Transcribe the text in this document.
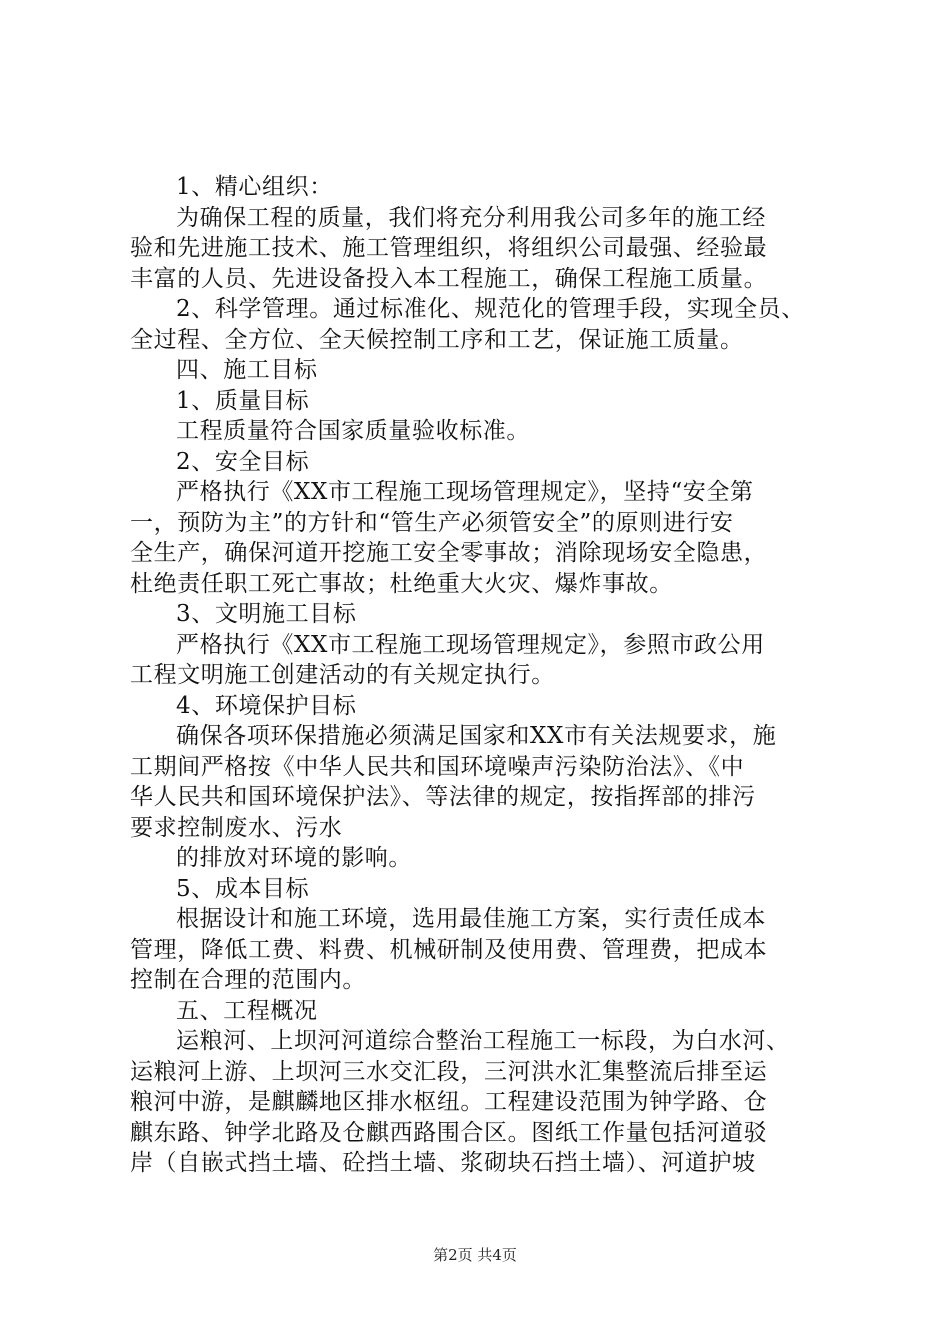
1、精心组织：

为确保工程的质量，我们将充分利用我公司多年的施工经

验和先进施工技术、施工管理组织，将组织公司最强、经验最

丰富的人员、先进设备投入本工程施工，确保工程施工质量。

2、科学管理。通过标准化、规范化的管理手段，实现全员、

全过程、全方位、全天候控制工序和工艺，保证施工质量。

四、施工目标

1、质量目标

工程质量符合国家质量验收标准。

2、安全目标

严格执行《XX市工程施工现场管理规定》，坚持“安全第

一，预防为主”的方针和“管生产必须管安全”的原则进行安

全生产，确保河道开挖施工安全零事故；消除现场安全隐患，

杜绝责任职工死亡事故；杜绝重大火灾、爆炸事故。

3、文明施工目标

严格执行《XX市工程施工现场管理规定》，参照市政公用

工程文明施工创建活动的有关规定执行。

4、环境保护目标

确保各项环保措施必须满足国家和XX市有关法规要求，施

工期间严格按《中华人民共和国环境噪声污染防治法》、《中

华人民共和国环境保护法》、等法律的规定，按指挥部的排污

要求控制废水、污水

的排放对环境的影响。

5、成本目标

根据设计和施工环境，选用最佳施工方案，实行责任成本

管理，降低工费、料费、机械研制及使用费、管理费，把成本

控制在合理的范围内。

五、工程概况

运粮河、上坝河河道综合整治工程施工一标段，为白水河、

运粮河上游、上坝河三水交汇段，三河洪水汇集整流后排至运

粮河中游，是麒麟地区排水枢纽。工程建设范围为钟学路、仓

麒东路、钟学北路及仓麒西路围合区。图纸工作量包括河道驳

岸（自嵌式挡土墙、砼挡土墙、浆砌块石挡土墙）、河道护坡

第2页 共4页
